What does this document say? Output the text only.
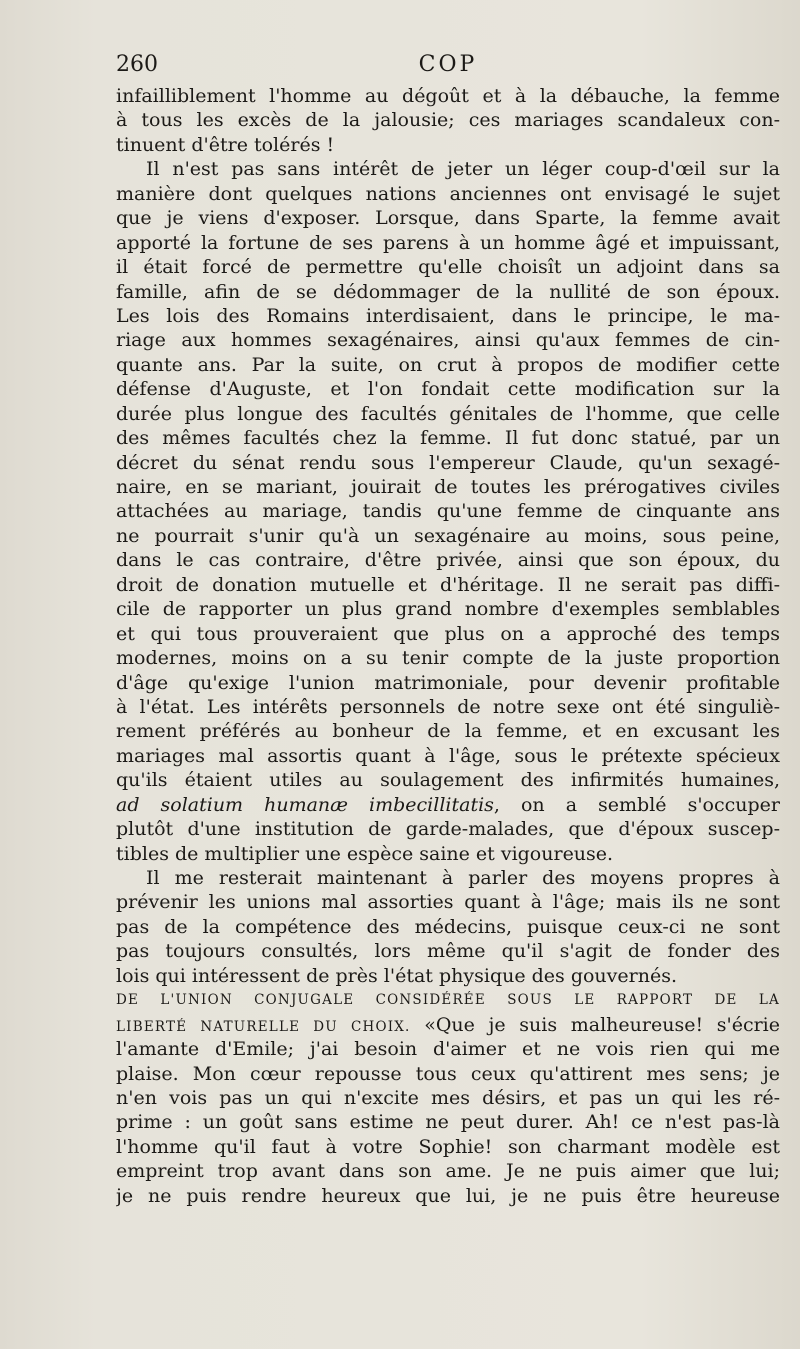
260	COP
infailliblement l'homme au dégoût et à la débauche, la femme
à tous les excès de la jalousie; ces mariages scandaleux con-
tinuent d'être tolérés !
Il n'est pas sans intérêt de jeter un léger coup-d'œil sur la
manière dont quelques nations anciennes ont envisagé le sujet
que je viens d'exposer. Lorsque, dans Sparte, la femme avait
apporté la fortune de ses parens à un homme âgé et impuissant,
il était forcé de permettre qu'elle choisît un adjoint dans sa
famille, afin de se dédommager de la nullité de son époux.
Les lois des Romains interdisaient, dans le principe, le ma-
riage aux hommes sexagénaires, ainsi qu'aux femmes de cin-
quante ans. Par la suite, on crut à propos de modifier cette
défense d'Auguste, et l'on fondait cette modification sur la
durée plus longue des facultés génitales de l'homme, que celle
des mêmes facultés chez la femme. Il fut donc statué, par un
décret du sénat rendu sous l'empereur Claude, qu'un sexagé-
naire, en se mariant, jouirait de toutes les prérogatives civiles
attachées au mariage, tandis qu'une femme de cinquante ans
ne pourrait s'unir qu'à un sexagénaire au moins, sous peine,
dans le cas contraire, d'être privée, ainsi que son époux, du
droit de donation mutuelle et d'héritage. Il ne serait pas diffi-
cile de rapporter un plus grand nombre d'exemples semblables
et qui tous prouveraient que plus on a approché des temps
modernes, moins on a su tenir compte de la juste proportion
d'âge qu'exige l'union matrimoniale, pour devenir profitable
à l'état. Les intérêts personnels de notre sexe ont été singuliè-
rement préférés au bonheur de la femme, et en excusant les
mariages mal assortis quant à l'âge, sous le prétexte spécieux
qu'ils étaient utiles au soulagement des infirmités humaines,
ad solatium humanæ imbecillitatis, on a semblé s'occuper
plutôt d'une institution de garde-malades, que d'époux suscep-
tibles de multiplier une espèce saine et vigoureuse.
Il me resterait maintenant à parler des moyens propres à
prévenir les unions mal assorties quant à l'âge; mais ils ne sont
pas de la compétence des médecins, puisque ceux-ci ne sont
pas toujours consultés, lors même qu'il s'agit de fonder des
lois qui intéressent de près l'état physique des gouvernés.
DE L'UNION CONJUGALE CONSIDÉRÉE SOUS LE RAPPORT DE LA
LIBERTÉ NATURELLE DU CHOIX. «Que je suis malheureuse! s'écrie
l'amante d'Emile; j'ai besoin d'aimer et ne vois rien qui me
plaise. Mon cœur repousse tous ceux qu'attirent mes sens; je
n'en vois pas un qui n'excite mes désirs, et pas un qui les ré-
prime : un goût sans estime ne peut durer. Ah! ce n'est pas-là
l'homme qu'il faut à votre Sophie! son charmant modèle est
empreint trop avant dans son ame. Je ne puis aimer que lui;
je ne puis rendre heureux que lui, je ne puis être heureuse
